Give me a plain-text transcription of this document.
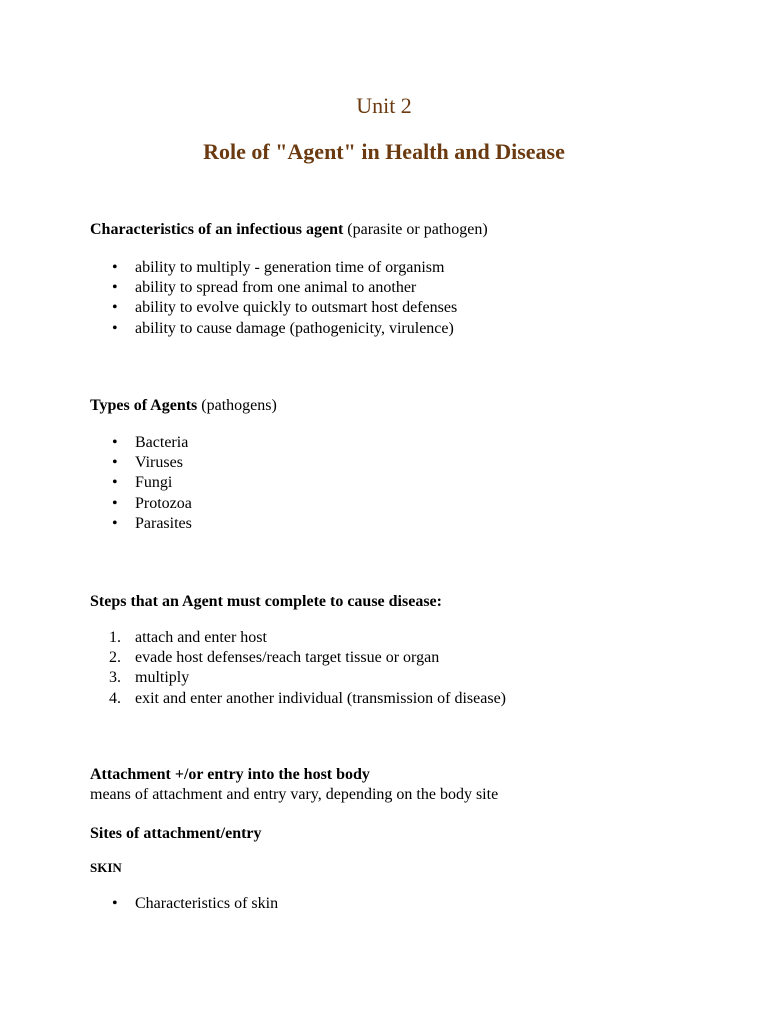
Unit 2
Role of "Agent" in Health and Disease
Characteristics of an infectious agent (parasite or pathogen)
•	ability to multiply - generation time of organism
•	ability to spread from one animal to another
•	ability to evolve quickly to outsmart host defenses
•	ability to cause damage (pathogenicity, virulence)
Types of Agents (pathogens)
•	Bacteria
•	Viruses
•	Fungi
•	Protozoa
•	Parasites
Steps that an Agent must complete to cause disease:
1. attach and enter host
2. evade host defenses/reach target tissue or organ
3. multiply
4. exit and enter another individual (transmission of disease)
Attachment +/or entry into the host body
means of attachment and entry vary, depending on the body site
Sites of attachment/entry
SKIN
•	Characteristics of skin
